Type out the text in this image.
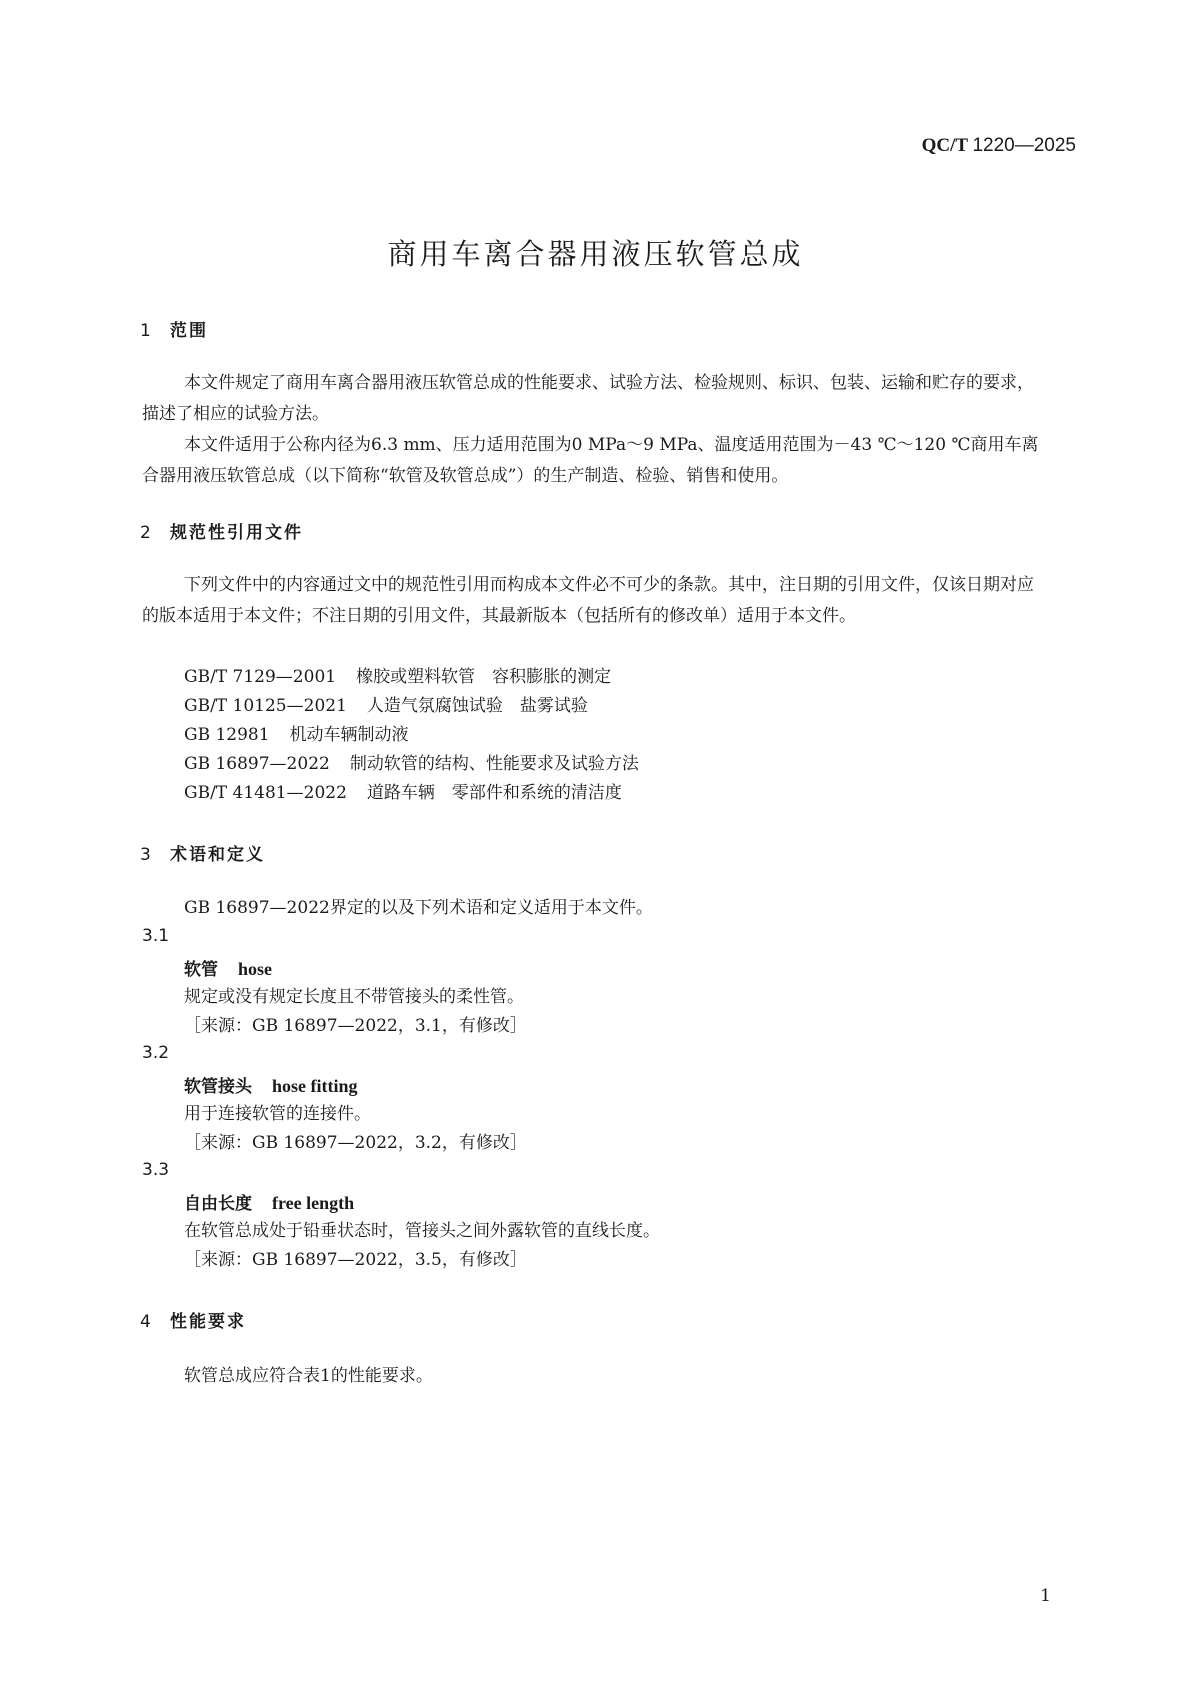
QC/T 1220—2025
商用车离合器用液压软管总成
1 范围
本文件规定了商用车离合器用液压软管总成的性能要求、试验方法、检验规则、标识、包装、运输和贮存的要求，描述了相应的试验方法。
本文件适用于公称内径为6.3 mm、压力适用范围为0 MPa～9 MPa、温度适用范围为－43 ℃～120 ℃商用车离合器用液压软管总成（以下简称“软管及软管总成”）的生产制造、检验、销售和使用。
2 规范性引用文件
下列文件中的内容通过文中的规范性引用而构成本文件必不可少的条款。其中，注日期的引用文件，仅该日期对应的版本适用于本文件；不注日期的引用文件，其最新版本（包括所有的修改单）适用于本文件。
GB/T 7129—2001 橡胶或塑料软管　容积膨胀的测定
GB/T 10125—2021 人造气氛腐蚀试验　盐雾试验
GB 12981 机动车辆制动液
GB 16897—2022 制动软管的结构、性能要求及试验方法
GB/T 41481—2022 道路车辆　零部件和系统的清洁度
3 术语和定义
GB 16897—2022界定的以及下列术语和定义适用于本文件。
3.1
软管 hose
规定或没有规定长度且不带管接头的柔性管。
［来源：GB 16897—2022，3.1，有修改］
3.2
软管接头 hose fitting
用于连接软管的连接件。
［来源：GB 16897—2022，3.2，有修改］
3.3
自由长度 free length
在软管总成处于铅垂状态时，管接头之间外露软管的直线长度。
［来源：GB 16897—2022，3.5，有修改］
4 性能要求
软管总成应符合表1的性能要求。
1
